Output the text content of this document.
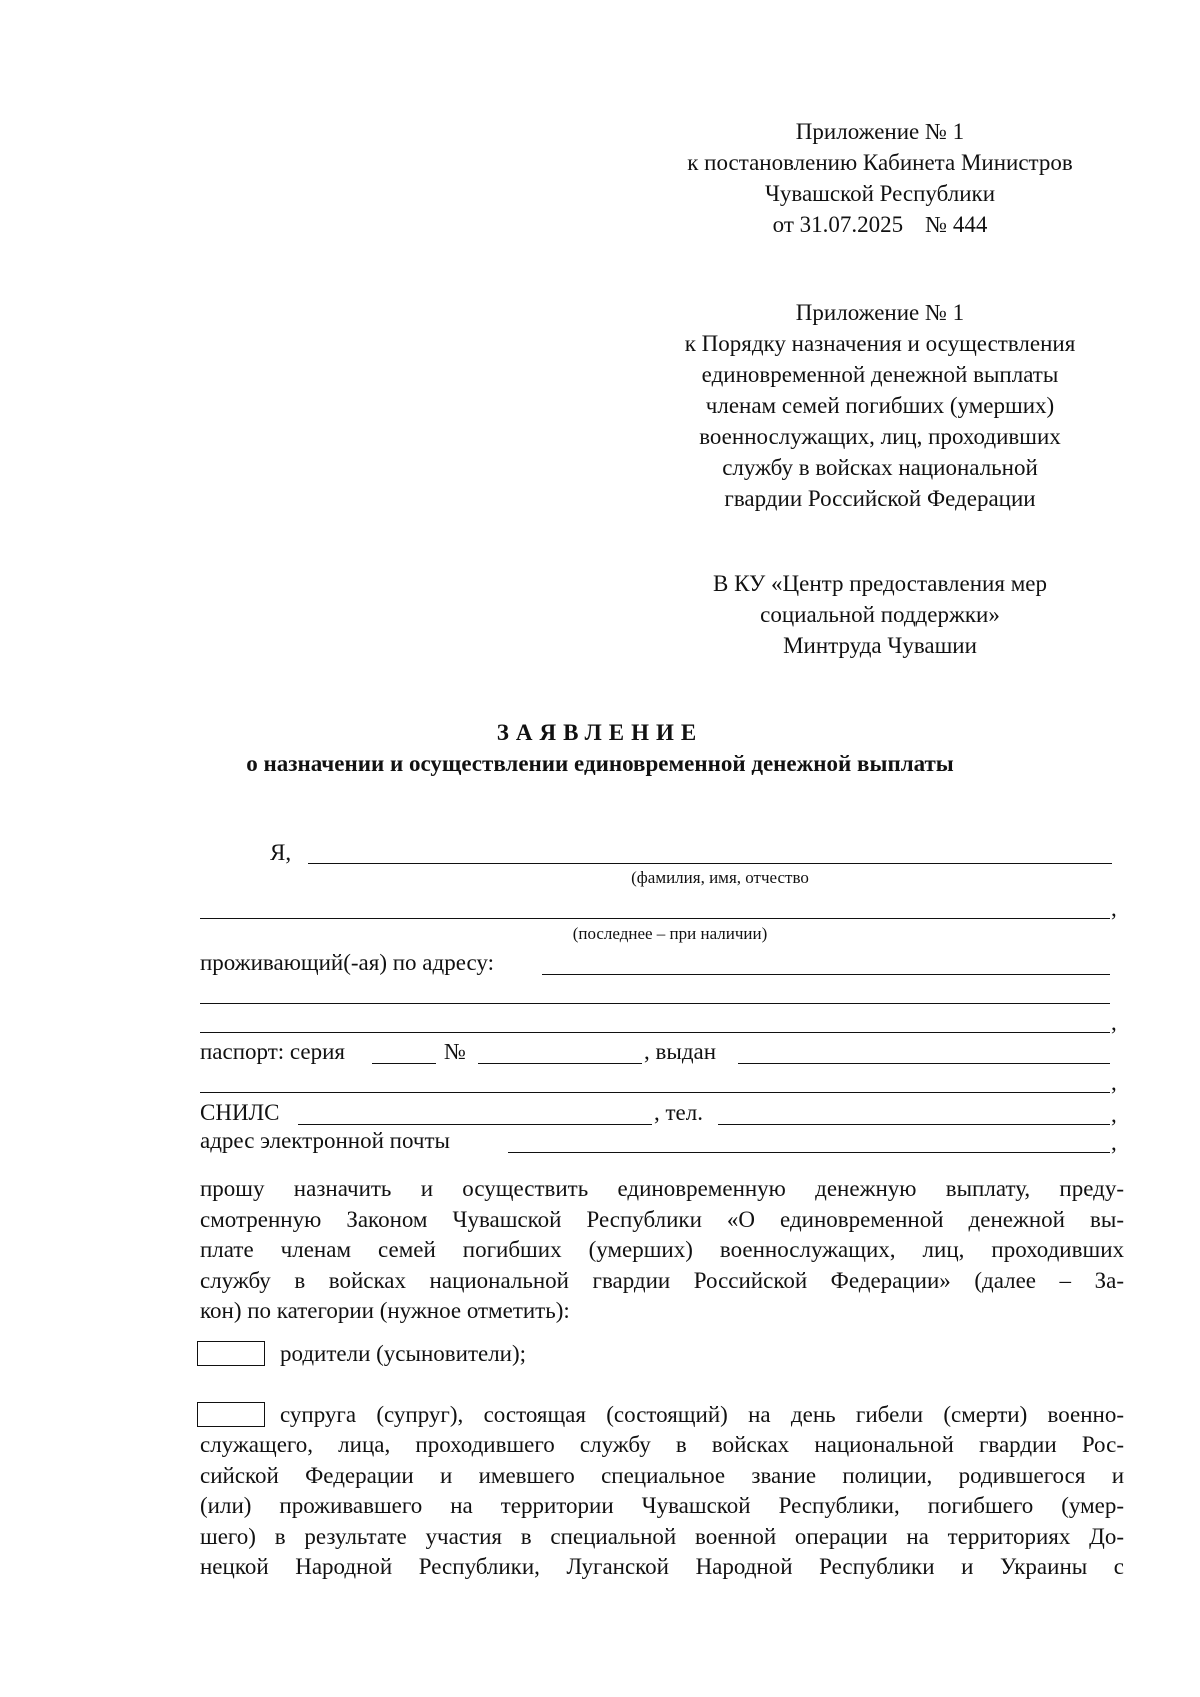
Приложение № 1
к постановлению Кабинета Министров
Чувашской Республики
от 31.07.2025 № 444
Приложение № 1
к Порядку назначения и осуществления
единовременной денежной выплаты
членам семей погибших (умерших)
военнослужащих, лиц, проходивших
службу в войсках национальной
гвардии Российской Федерации
В КУ «Центр предоставления мер
социальной поддержки»
Минтруда Чувашии
ЗАЯВЛЕНИЕ
о назначении и осуществлении единовременной денежной выплаты
Я,
(фамилия, имя, отчество
,
(последнее – при наличии)
проживающий(-ая) по адресу:
,
паспорт: серия	№	, выдан
,
СНИЛС	, тел.	,
адрес электронной почты	,
прошу назначить и осуществить единовременную денежную выплату, преду-
смотренную Законом Чувашской Республики «О единовременной денежной вы-
плате членам семей погибших (умерших) военнослужащих, лиц, проходивших
службу в войсках национальной гвардии Российской Федерации» (далее – За-
кон) по категории (нужное отметить):
родители (усыновители);
супруга (супруг), состоящая (состоящий) на день гибели (смерти) военно-
служащего, лица, проходившего службу в войсках национальной гвардии Рос-
сийской Федерации и имевшего специальное звание полиции, родившегося и
(или) проживавшего на территории Чувашской Республики, погибшего (умер-
шего) в результате участия в специальной военной операции на территориях До-
нецкой Народной Республики, Луганской Народной Республики и Украины с
